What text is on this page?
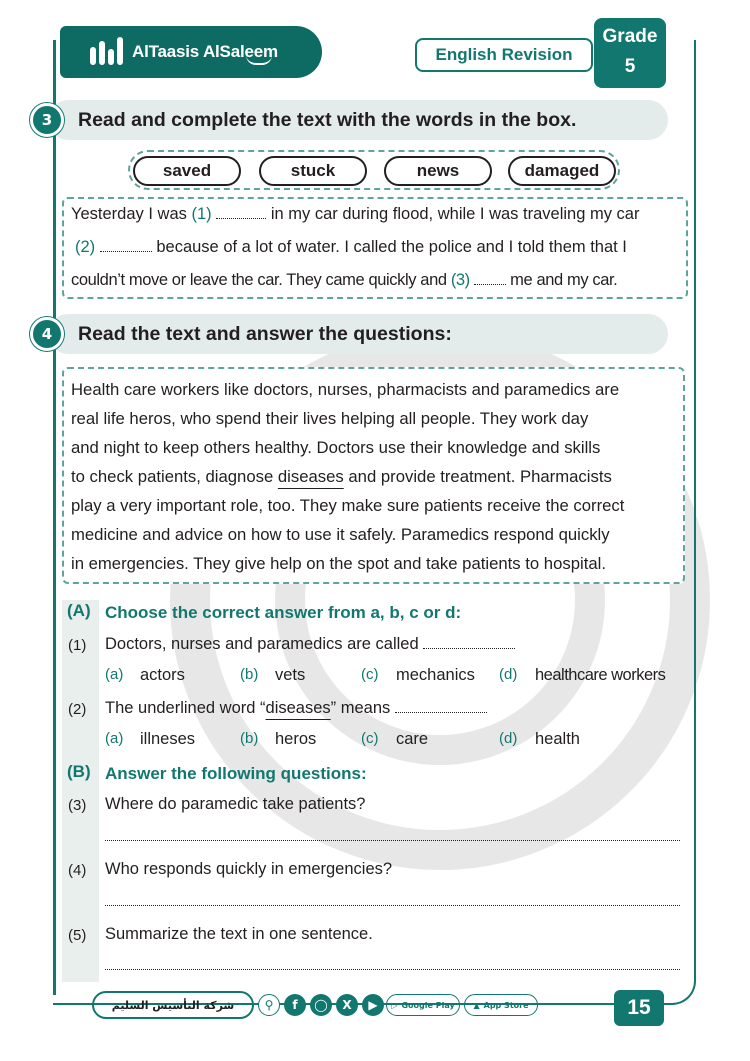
AlTaasis AlSaleem	English Revision
Grade
5
3	Read and complete the text with the words in the box.
saved	stuck	news	damaged
Yesterday I was (1)	in my car during flood, while I was traveling my car
(2)	because of a lot of water. I called the police and I told them that I
couldn’t move or leave the car. They came quickly and (3)  me and my car.
4	Read the text and answer the questions:
Health care workers like doctors, nurses, pharmacists and paramedics are
real life heros, who spend their lives helping all people. They work day
and night to keep others healthy. Doctors use their knowledge and skills
to check patients, diagnose diseases and provide treatment. Pharmacists
play a very important role, too. They make sure patients receive the correct
medicine and advice on how to use it safely. Paramedics respond quickly
in emergencies. They give help on the spot and take patients to hospital.
(A) Choose the correct answer from a, b, c or d:
(1) Doctors, nurses and paramedics are called
(a) actors	(b) vets	(c) mechanics (d) healthcare workers
(2) The underlined word “diseases” means
(a) illneses	(b) heros	(c) care	(d) health
(B) Answer the following questions:
(3) Where do paramedic take patients?
(4) Who responds quickly in emergencies?
(5) Summarize the text in one sentence.
شركة التأسيس السليم	⚲	f	◯	X	▶	▷ Google Play ▲ App Store	15
